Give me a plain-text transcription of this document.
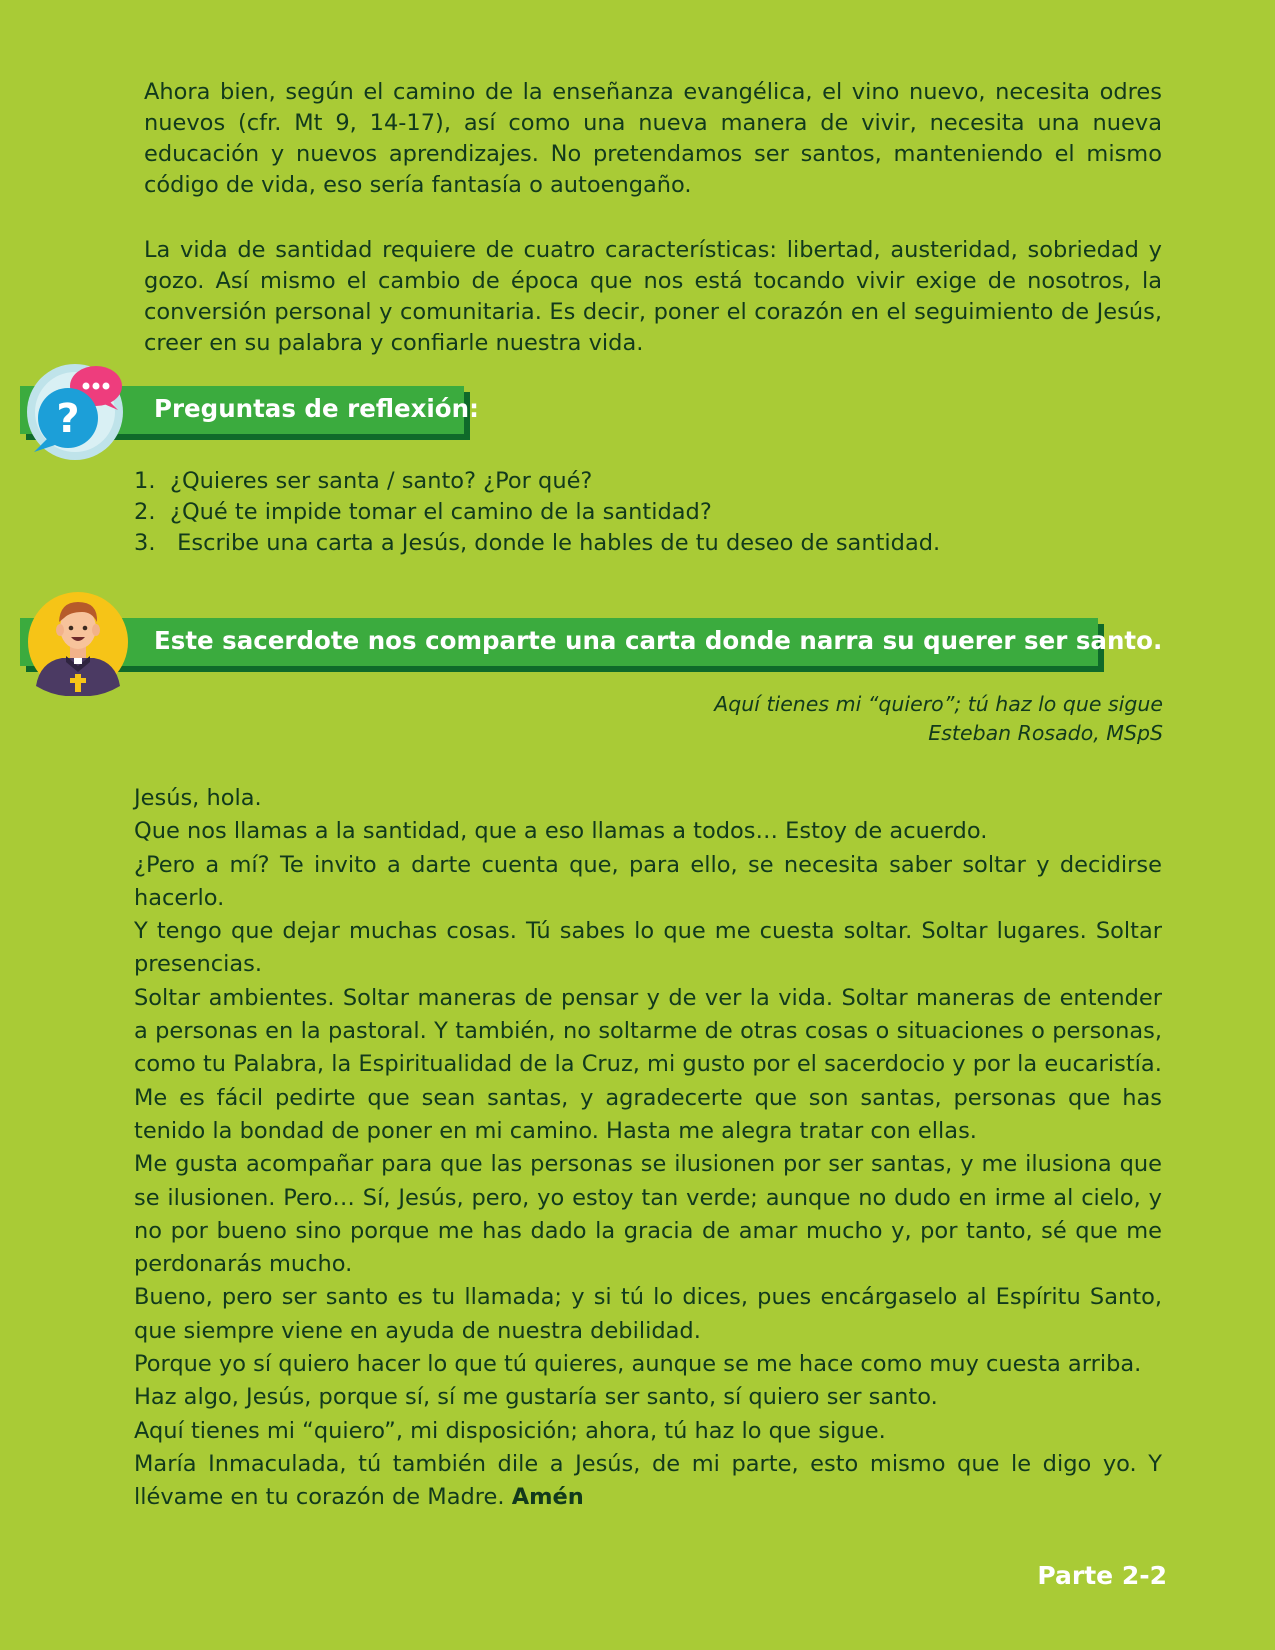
Ahora bien, según el camino de la enseñanza evangélica, el vino nuevo, necesita odres nuevos (cfr. Mt 9, 14-17), así como una nueva manera de vivir, necesita una nueva educación y nuevos aprendizajes. No pretendamos ser santos, manteniendo el mismo código de vida, eso sería fantasía o autoengaño.

La vida de santidad requiere de cuatro características: libertad, austeridad, sobriedad y gozo. Así mismo el cambio de época que nos está tocando vivir exige de nosotros, la conversión personal y comunitaria. Es decir, poner el corazón en el seguimiento de Jesús, creer en su palabra y confiarle nuestra vida.

Preguntas de reflexión:
?
1. ¿Quieres ser santa / santo? ¿Por qué?
2. ¿Qué te impide tomar el camino de la santidad?
3. Escribe una carta a Jesús, donde le hables de tu deseo de santidad.
Este sacerdote nos comparte una carta donde narra su querer ser santo.
Aquí tienes mi “quiero”; tú haz lo que sigue
Esteban Rosado, MSpS

Jesús, hola.

Que nos llamas a la santidad, que a eso llamas a todos… Estoy de acuerdo.

¿Pero a mí? Te invito a darte cuenta que, para ello, se necesita saber soltar y decidirse hacerlo.

Y tengo que dejar muchas cosas. Tú sabes lo que me cuesta soltar. Soltar lugares. Soltar presencias.

Soltar ambientes. Soltar maneras de pensar y de ver la vida. Soltar maneras de entender a personas en la pastoral. Y también, no soltarme de otras cosas o situaciones o personas, como tu Palabra, la Espiritualidad de la Cruz, mi gusto por el sacerdocio y por la eucaristía.

Me es fácil pedirte que sean santas, y agradecerte que son santas, personas que has tenido la bondad de poner en mi camino. Hasta me alegra tratar con ellas.

Me gusta acompañar para que las personas se ilusionen por ser santas, y me ilusiona que se ilusionen. Pero… Sí, Jesús, pero, yo estoy tan verde; aunque no dudo en irme al cielo, y no por bueno sino porque me has dado la gracia de amar mucho y, por tanto, sé que me perdonarás mucho.

Bueno, pero ser santo es tu llamada; y si tú lo dices, pues encárgaselo al Espíritu Santo, que siempre viene en ayuda de nuestra debilidad.

Porque yo sí quiero hacer lo que tú quieres, aunque se me hace como muy cuesta arriba.

Haz algo, Jesús, porque sí, sí me gustaría ser santo, sí quiero ser santo.

Aquí tienes mi “quiero”, mi disposición; ahora, tú haz lo que sigue.

María Inmaculada, tú también dile a Jesús, de mi parte, esto mismo que le digo yo. Y llévame en tu corazón de Madre. Amén

Parte 2-2
